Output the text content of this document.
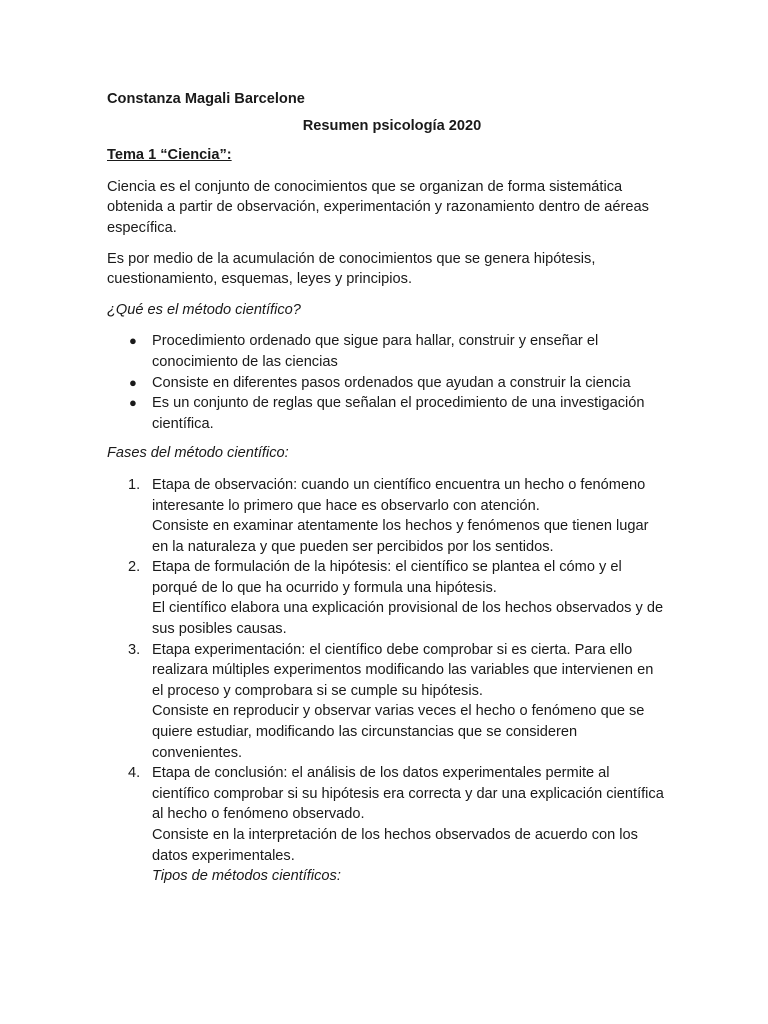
Constanza Magali Barcelone
Resumen psicología 2020
Tema 1 “Ciencia”:

Ciencia es el conjunto de conocimientos que se organizan de forma sistemática obtenida a partir de observación, experimentación y razonamiento dentro de aéreas específica.

Es por medio de la acumulación de conocimientos que se genera hipótesis, cuestionamiento, esquemas, leyes y principios.

¿Qué es el método científico?

● Procedimiento ordenado que sigue para hallar, construir y enseñar el conocimiento de las ciencias
● Consiste en diferentes pasos ordenados que ayudan a construir la ciencia
● Es un conjunto de reglas que señalan el procedimiento de una investigación científica.

Fases del método científico:

1. Etapa de observación: cuando un científico encuentra un hecho o fenómeno interesante lo primero que hace es observarlo con atención.
Consiste en examinar atentamente los hechos y fenómenos que tienen lugar en la naturaleza y que pueden ser percibidos por los sentidos.
2. Etapa de formulación de la hipótesis: el científico se plantea el cómo y el porqué de lo que ha ocurrido y formula una hipótesis.
El científico elabora una explicación provisional de los hechos observados y de sus posibles causas.
3. Etapa experimentación: el científico debe comprobar si es cierta. Para ello realizara múltiples experimentos modificando las variables que intervienen en el proceso y comprobara si se cumple su hipótesis.
Consiste en reproducir y observar varias veces el hecho o fenómeno que se quiere estudiar, modificando las circunstancias que se consideren convenientes.
4. Etapa de conclusión: el análisis de los datos experimentales permite al científico comprobar si su hipótesis era correcta y dar una explicación científica al hecho o fenómeno observado.
Consiste en la interpretación de los hechos observados de acuerdo con los datos experimentales.
Tipos de métodos científicos:
